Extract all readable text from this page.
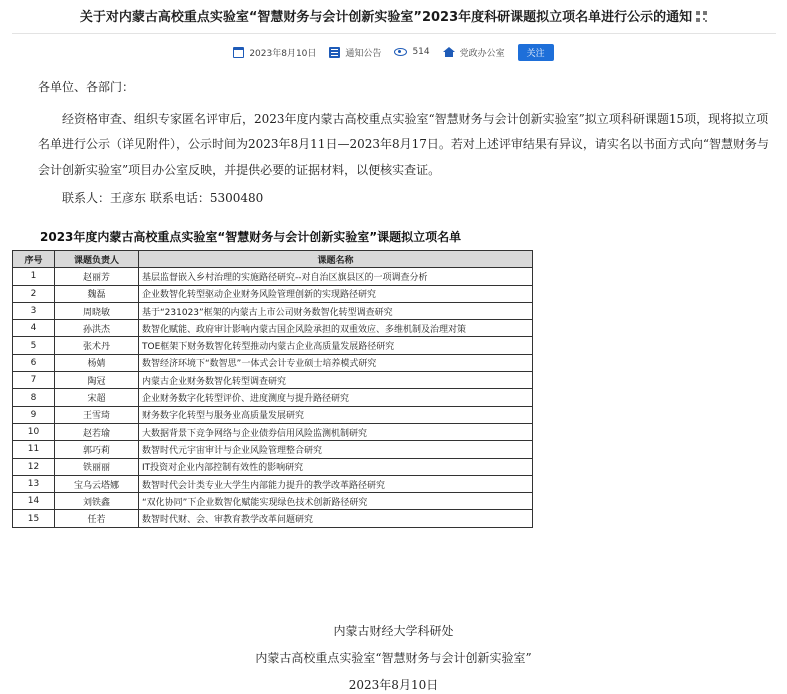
关于对内蒙古高校重点实验室“智慧财务与会计创新实验室”2023年度科研课题拟立项名单进行公示的通知
2023年8月10日	通知公告	514	党政办公室	关注
各单位、各部门：
经资格审查、组织专家匿名评审后，2023年度内蒙古高校重点实验室“智慧财务与会计创新实验室”拟立项科研课题15项，现将拟立项名单进行公示（详见附件），公示时间为2023年8月11日—2023年8月17日。若对上述评审结果有异议，请实名以书面方式向“智慧财务与会计创新实验室”项目办公室反映，并提供必要的证据材料，以便核实查证。
联系人：王彦东 联系电话：5300480
2023年度内蒙古高校重点实验室“智慧财务与会计创新实验室”课题拟立项名单
序号	课题负责人	课题名称
1	赵丽芳	基层监督嵌入乡村治理的实施路径研究--对自治区旗县区的一项调查分析
2	魏磊	企业数智化转型驱动企业财务风险管理创新的实现路径研究
3	周晓敏	基于“231023”框架的内蒙古上市公司财务数智化转型调查研究
4	孙洪杰	数智化赋能、政府审计影响内蒙古国企风险承担的双重效应、多维机制及治理对策
5	张术丹	TOE框架下财务数智化转型推动内蒙古企业高质量发展路径研究
6	杨婧	数智经济环境下“数智思”一体式会计专业硕士培养模式研究
7	陶冠	内蒙古企业财务数智化转型调查研究
8	宋超	企业财务数字化转型评价、进度测度与提升路径研究
9	王雪琦	财务数字化转型与服务业高质量发展研究
10	赵若瑜	大数据背景下竞争网络与企业债券信用风险监测机制研究
11	郭巧莉	数智时代元宇宙审计与企业风险管理整合研究
12	铁丽丽	IT投资对企业内部控制有效性的影响研究
13	宝乌云塔娜	数智时代会计类专业大学生内部能力提升的教学改革路径研究
14	刘铁鑫	“双化协同”下企业数智化赋能实现绿色技术创新路径研究
15	任若	数智时代财、会、审教育教学改革问题研究
内蒙古财经大学科研处
内蒙古高校重点实验室“智慧财务与会计创新实验室”
2023年8月10日
